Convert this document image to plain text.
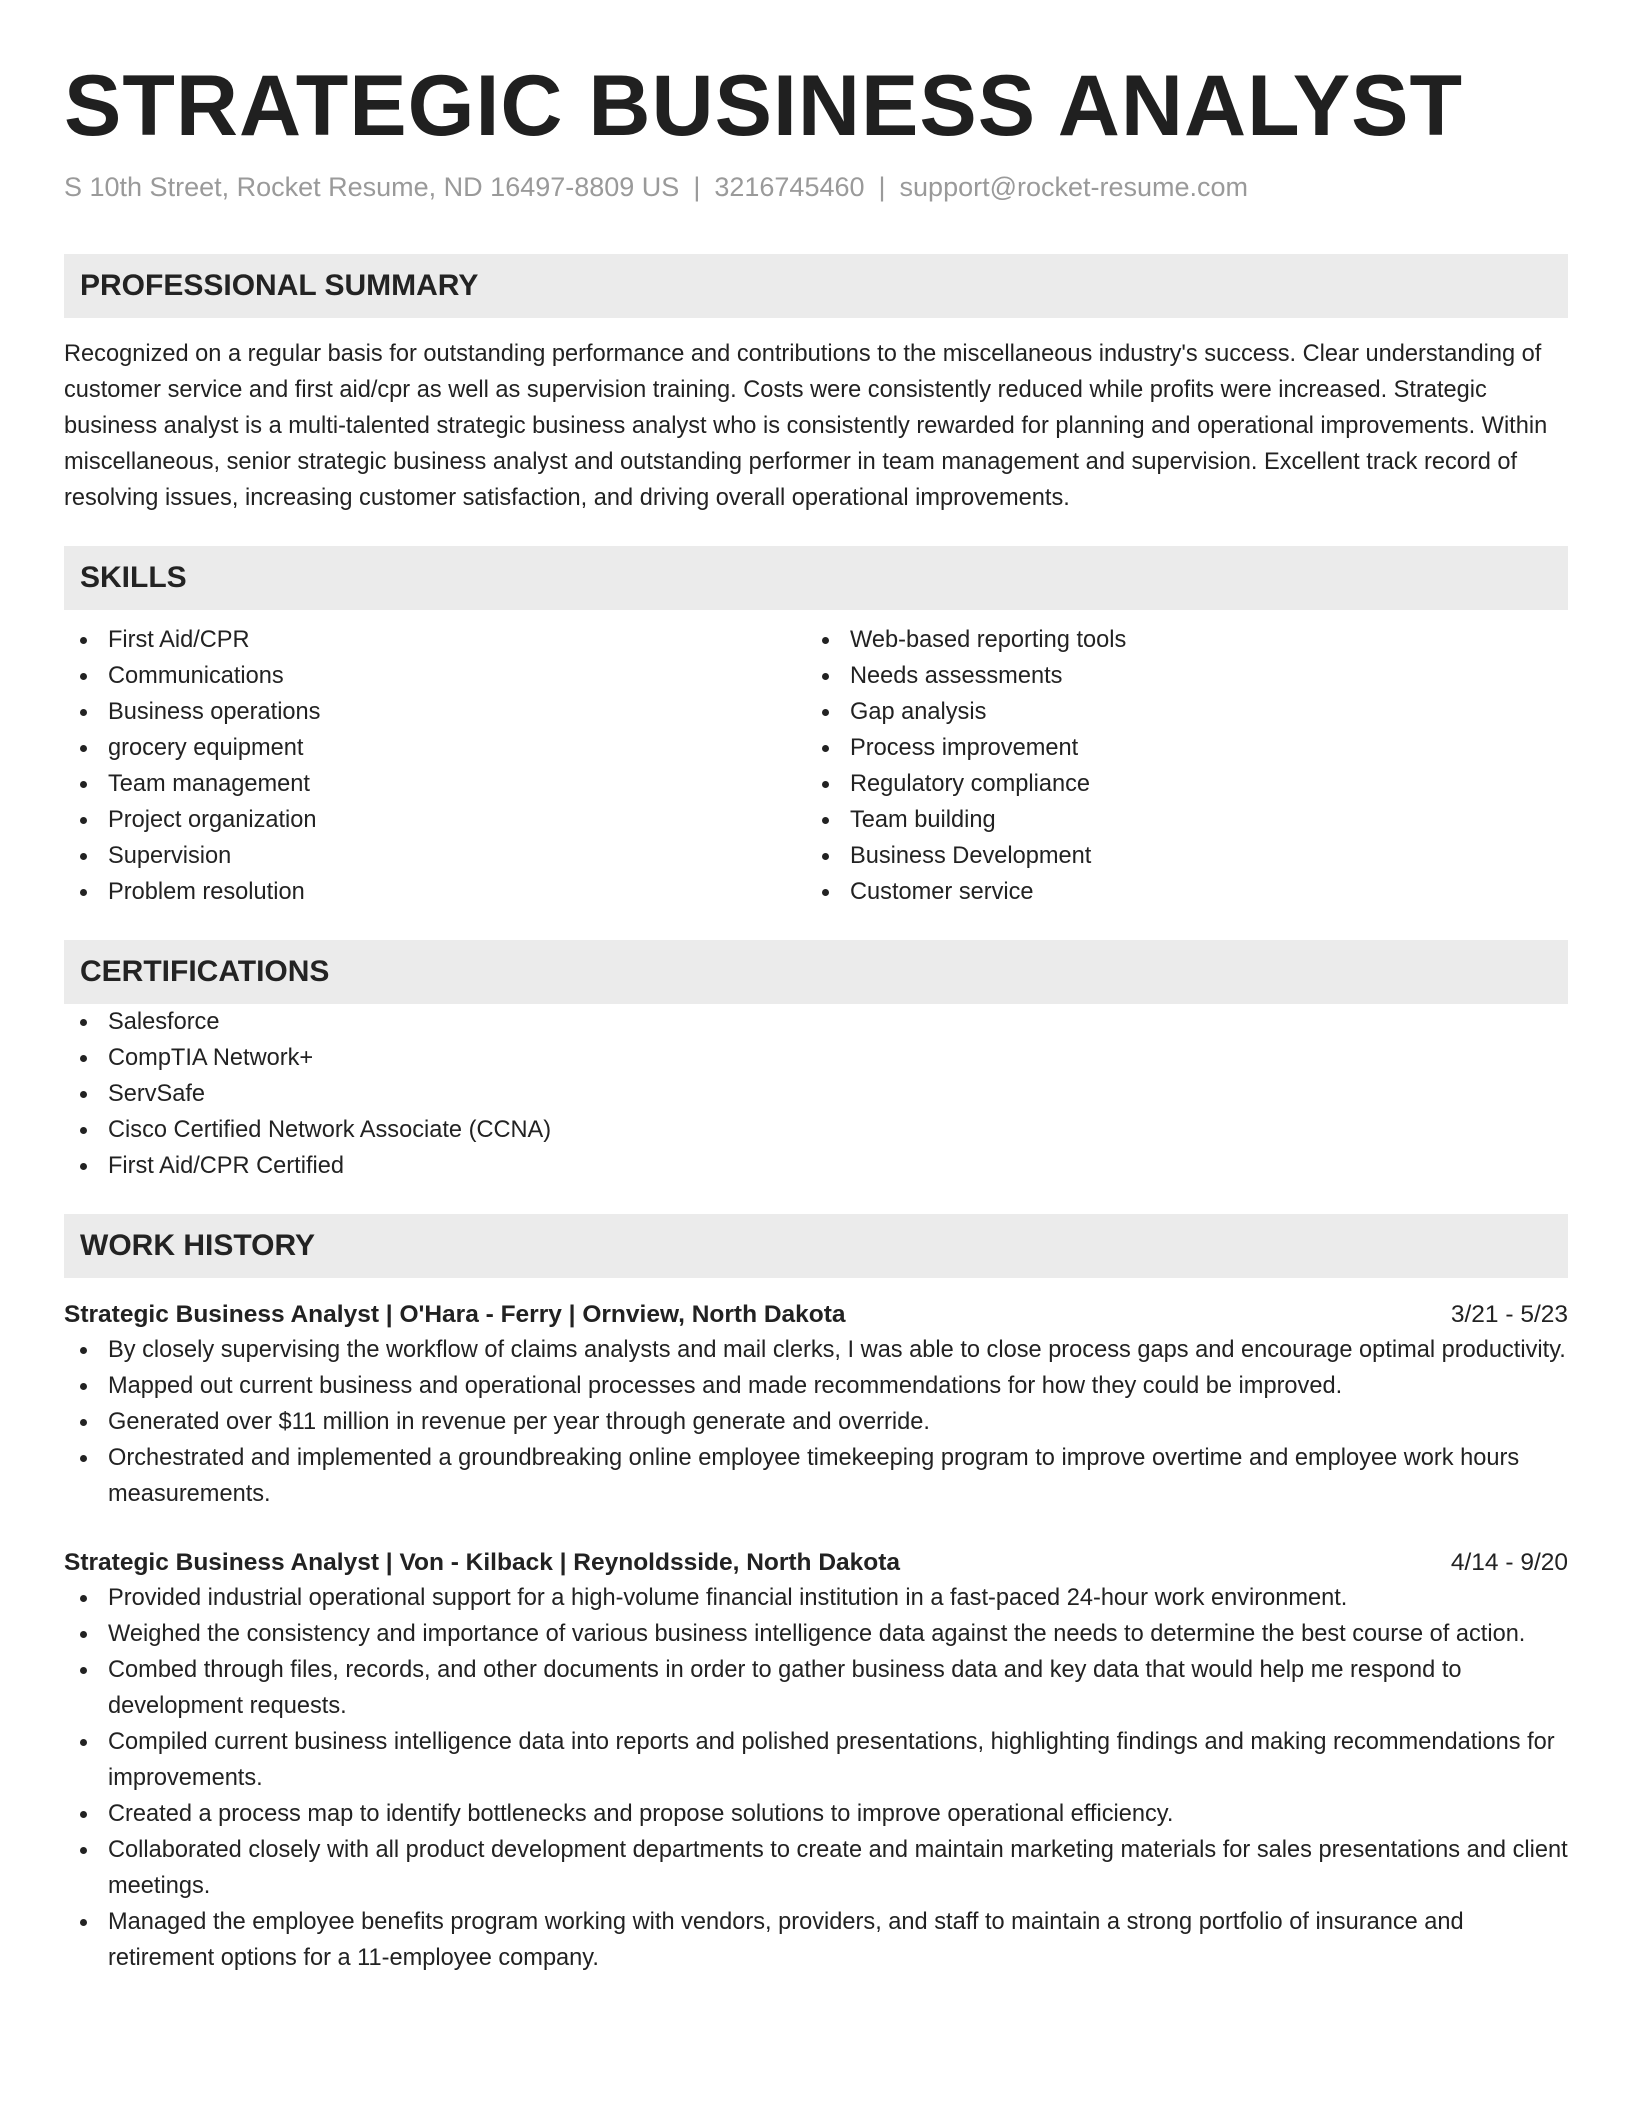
STRATEGIC BUSINESS ANALYST
S 10th Street, Rocket Resume, ND 16497-8809 US | 3216745460 | support@rocket-resume.com
PROFESSIONAL SUMMARY

Recognized on a regular basis for outstanding performance and contributions to the miscellaneous industry's success. Clear understanding of customer service and first aid/cpr as well as supervision training. Costs were consistently reduced while profits were increased. Strategic business analyst is a multi-talented strategic business analyst who is consistently rewarded for planning and operational improvements. Within miscellaneous, senior strategic business analyst and outstanding performer in team management and supervision. Excellent track record of resolving issues, increasing customer satisfaction, and driving overall operational improvements.

SKILLS
First Aid/CPR
Communications
Business operations
grocery equipment
Team management
Project organization
Supervision
Problem resolution
Web-based reporting tools
Needs assessments
Gap analysis
Process improvement
Regulatory compliance
Team building
Business Development
Customer service
CERTIFICATIONS
Salesforce
CompTIA Network+
ServSafe
Cisco Certified Network Associate (CCNA)
First Aid/CPR Certified
WORK HISTORY
Strategic Business Analyst | O'Hara - Ferry | Ornview, North Dakota	3/21 - 5/23
By closely supervising the workflow of claims analysts and mail clerks, I was able to close process gaps and encourage optimal productivity.
Mapped out current business and operational processes and made recommendations for how they could be improved.
Generated over $11 million in revenue per year through generate and override.
Orchestrated and implemented a groundbreaking online employee timekeeping program to improve overtime and employee work hours measurements.
Strategic Business Analyst | Von - Kilback | Reynoldsside, North Dakota	4/14 - 9/20
Provided industrial operational support for a high-volume financial institution in a fast-paced 24-hour work environment.
Weighed the consistency and importance of various business intelligence data against the needs to determine the best course of action.
Combed through files, records, and other documents in order to gather business data and key data that would help me respond to development requests.
Compiled current business intelligence data into reports and polished presentations, highlighting findings and making recommendations for improvements.
Created a process map to identify bottlenecks and propose solutions to improve operational efficiency.
Collaborated closely with all product development departments to create and maintain marketing materials for sales presentations and client meetings.
Managed the employee benefits program working with vendors, providers, and staff to maintain a strong portfolio of insurance and retirement options for a 11-employee company.
